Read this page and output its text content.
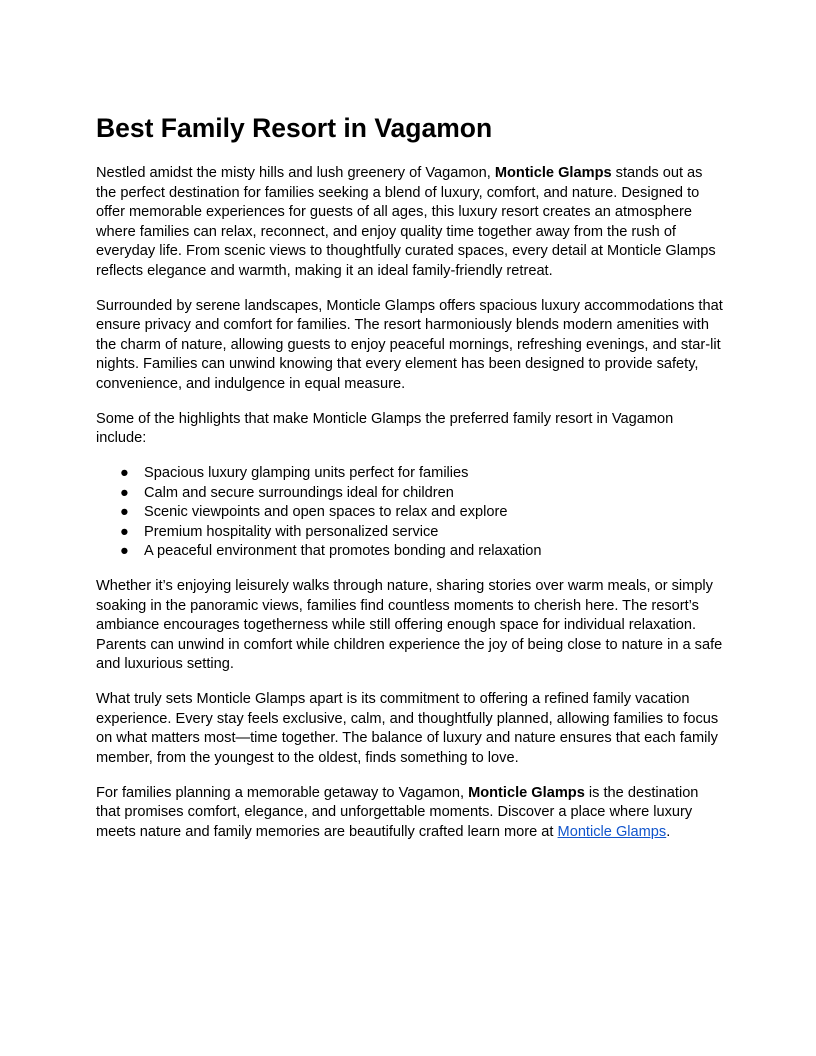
Best Family Resort in Vagamon

Nestled amidst the misty hills and lush greenery of Vagamon, Monticle Glamps stands out as the perfect destination for families seeking a blend of luxury, comfort, and nature. Designed to offer memorable experiences for guests of all ages, this luxury resort creates an atmosphere where families can relax, reconnect, and enjoy quality time together away from the rush of everyday life. From scenic views to thoughtfully curated spaces, every detail at Monticle Glamps reflects elegance and warmth, making it an ideal family-friendly retreat.

Surrounded by serene landscapes, Monticle Glamps offers spacious luxury accommodations that ensure privacy and comfort for families. The resort harmoniously blends modern amenities with the charm of nature, allowing guests to enjoy peaceful mornings, refreshing evenings, and star-lit nights. Families can unwind knowing that every element has been designed to provide safety, convenience, and indulgence in equal measure.

Some of the highlights that make Monticle Glamps the preferred family resort in Vagamon include:

● Spacious luxury glamping units perfect for families
● Calm and secure surroundings ideal for children
● Scenic viewpoints and open spaces to relax and explore
● Premium hospitality with personalized service
● A peaceful environment that promotes bonding and relaxation

Whether it’s enjoying leisurely walks through nature, sharing stories over warm meals, or simply soaking in the panoramic views, families find countless moments to cherish here. The resort’s ambiance encourages togetherness while still offering enough space for individual relaxation. Parents can unwind in comfort while children experience the joy of being close to nature in a safe and luxurious setting.

What truly sets Monticle Glamps apart is its commitment to offering a refined family vacation experience. Every stay feels exclusive, calm, and thoughtfully planned, allowing families to focus on what matters most—time together. The balance of luxury and nature ensures that each family member, from the youngest to the oldest, finds something to love.

For families planning a memorable getaway to Vagamon, Monticle Glamps is the destination that promises comfort, elegance, and unforgettable moments. Discover a place where luxury meets nature and family memories are beautifully crafted learn more at Monticle Glamps.
